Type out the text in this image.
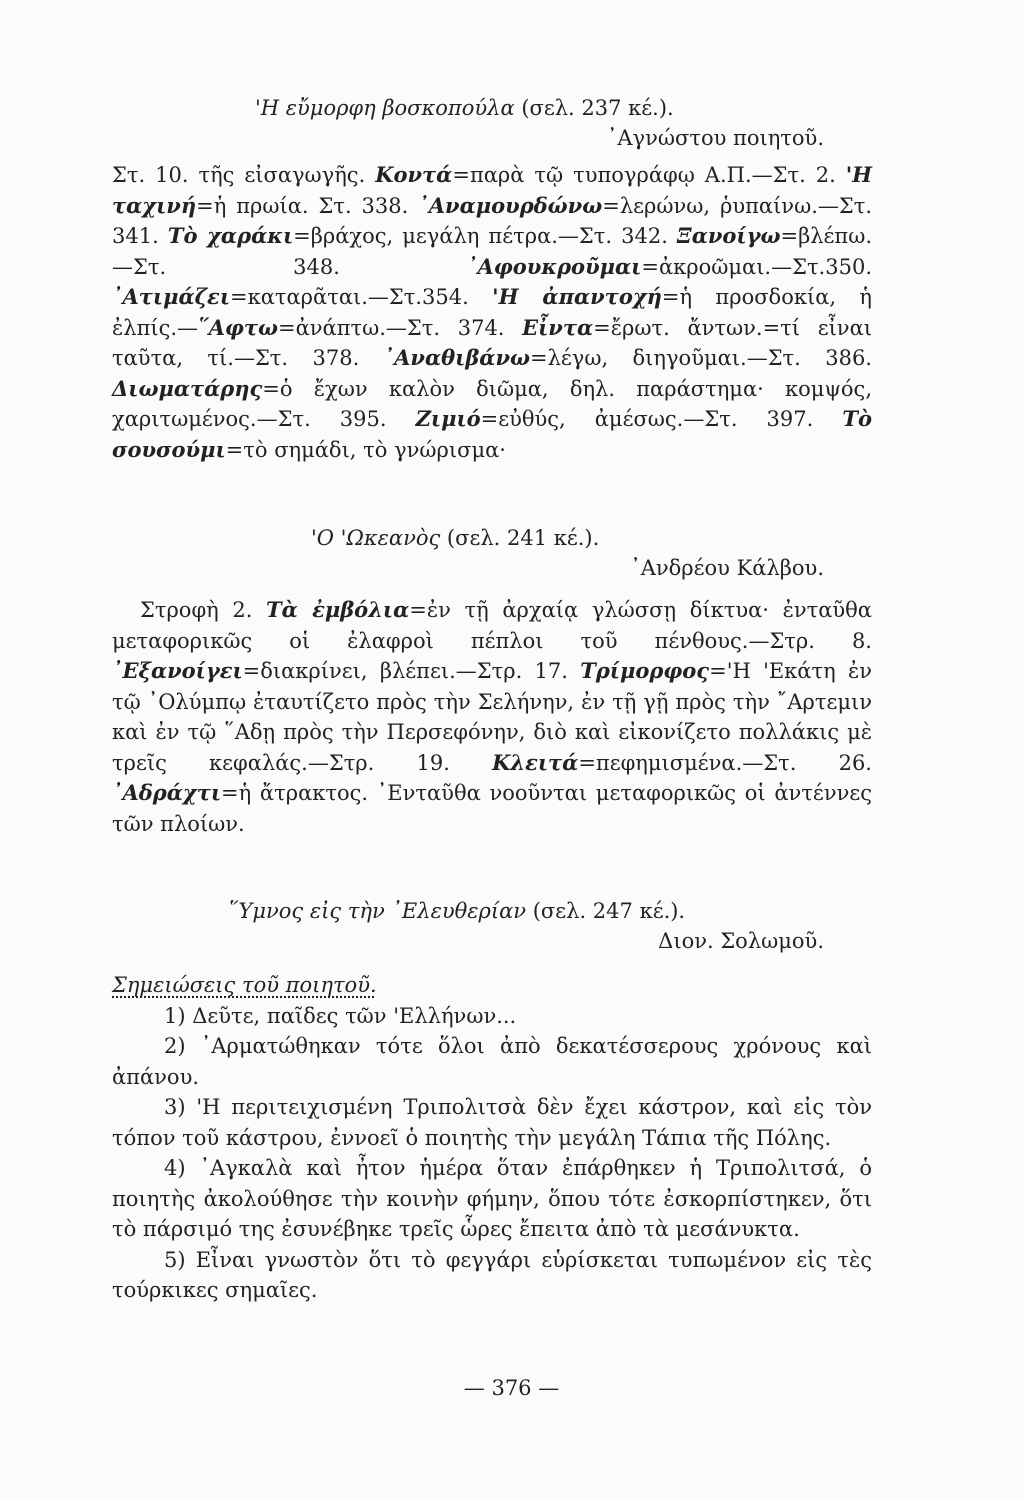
'Η εὔμορφη βοσκοπούλα (σελ. 237 κέ.).

᾿Αγνώστου ποιητοῦ.

Στ. 10. τῆς εἰσαγωγῆς. Κοντά=παρὰ τῷ τυπογράφῳ Α.Π.—Στ. 2. 'Η ταχινή=ἡ πρωία. Στ. 338. ᾿Αναμουρδώνω=λερώνω, ῥυπαίνω.—Στ. 341. Τὸ χαράκι=βράχος, μεγάλη πέτρα.—Στ. 342. Ξανοίγω=βλέπω.—Στ. 348. ᾿Αφουκροῦμαι=ἀκροῶμαι.—Στ.350. ᾿Ατιμάζει=καταρᾶται.—Στ.354. 'Η ἀπαντοχή=ἡ προσδοκία, ἡ ἐλπίς.—῞Αφτω=ἀνάπτω.—Στ. 374. Εἶντα=ἔρωτ. ἄντων.=τί εἶναι ταῦτα, τί.—Στ. 378. ᾿Αναθιβάνω=λέγω, διηγοῦμαι.—Στ. 386. Διωματάρης=ὁ ἔχων καλὸν διῶμα, δηλ. παράστημα· κομψός, χαριτωμένος.—Στ. 395. Ζιμιό=εὐθύς, ἀμέσως.—Στ. 397. Τὸ σουσούμι=τὸ σημάδι, τὸ γνώρισμα·

'Ο 'Ωκεανὸς (σελ. 241 κέ.).

᾿Ανδρέου Κάλβου.

Στροφὴ 2. Τὰ ἐμβόλια=ἐν τῇ ἀρχαίᾳ γλώσσῃ δίκτυα· ἐνταῦθα μεταφορικῶς οἱ ἐλαφροὶ πέπλοι τοῦ πένθους.—Στρ. 8. ᾿Εξανοίγει=διακρίνει, βλέπει.—Στρ. 17. Τρίμορφος='Η 'Εκάτη ἐν τῷ ᾿Ολύμπῳ ἐταυτίζετο πρὸς τὴν Σελήνην, ἐν τῇ γῇ πρὸς τὴν ῎Αρτεμιν καὶ ἐν τῷ ῞Αδῃ πρὸς τὴν Περσεφόνην, διὸ καὶ εἰκονίζετο πολλάκις μὲ τρεῖς κεφαλάς.—Στρ. 19. Κλειτά=πεφημισμένα.—Στ. 26. ᾿Αδράχτι=ἡ ἄτρακτος. ᾿Ενταῦθα νοοῦνται μεταφορικῶς οἱ ἀντέννες τῶν πλοίων.

῞Υμνος εἰς τὴν ᾿Ελευθερίαν (σελ. 247 κέ.).

Διον. Σολωμοῦ.

Σημειώσεις τοῦ ποιητοῦ.

1) Δεῦτε, παῖδες τῶν 'Ελλήνων...

2) ᾿Αρματώθηκαν τότε ὅλοι ἀπὸ δεκατέσσερους χρόνους καὶ ἀπάνου.

3) 'Η περιτειχισμένη Τριπολιτσὰ δὲν ἔχει κάστρον, καὶ εἰς τὸν τόπον τοῦ κάστρου, ἐννοεῖ ὁ ποιητὴς τὴν μεγάλη Τάπια τῆς Πόλης.

4) ᾿Αγκαλὰ καὶ ἦτον ἡμέρα ὅταν ἐπάρθηκεν ἡ Τριπολιτσά, ὁ ποιητὴς ἀκολούθησε τὴν κοινὴν φήμην, ὅπου τότε ἐσκορπίστηκεν, ὅτι τὸ πάρσιμό της ἐσυνέβηκε τρεῖς ὧρες ἔπειτα ἀπὸ τὰ μεσάνυκτα.

5) Εἶναι γνωστὸν ὅτι τὸ φεγγάρι εὑρίσκεται τυπωμένον εἰς τὲς τούρκικες σημαῖες.

— 376 —
